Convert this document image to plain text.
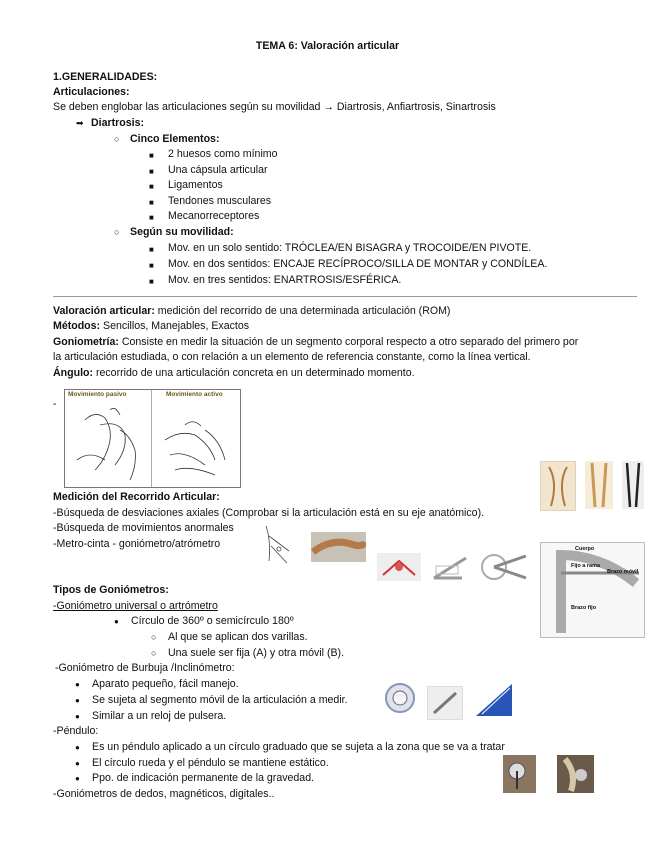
TEMA 6: Valoración articular
1.GENERALIDADES:
Articulaciones:
Se deben englobar las articulaciones según su movilidad → Diartrosis, Anfiartrosis, Sinartrosis
➡ Diartrosis:
○ Cinco Elementos:
■ 2 huesos como mínimo
■ Una cápsula articular
■ Ligamentos
■ Tendones musculares
■ Mecanorreceptores
○ Según su movilidad:
■ Mov. en un solo sentido: TRÓCLEA/EN BISAGRA y TROCOIDE/EN PIVOTE.
■ Mov. en dos sentidos: ENCAJE RECÍPROCO/SILLA DE MONTAR y CONDÍLEA.
■ Mov. en tres sentidos: ENARTROSIS/ESFÉRICA.
Valoración articular: medición del recorrido de una determinada articulación (ROM)
Métodos: Sencillos, Manejables, Exactos
Goniometría: Consiste en medir la situación de un segmento corporal respecto a otro separado del primero por
la articulación estudiada, o con relación a un elemento de referencia constante, como la línea vertical.
Ángulo: recorrido de una articulación concreta en un determinado momento.
-
Movimiento pasivo	Movimiento activo
Medición del Recorrido Articular:
-Búsqueda de desviaciones axiales (Comprobar si la articulación está en su eje anatómico).
-Búsqueda de movimientos anormales
-Metro-cinta - goniómetro/atrómetro	Cuerpo
Fijo a rama
Brazo móvil
Brazo fijo
Tipos de Goniómetros:
-Goniómetro universal o artrómetro
● Círculo de 360º o semicírculo 180º
○ Al que se aplican dos varillas.
○ Una suele ser fija (A) y otra móvil (B).
-Goniómetro de Burbuja /Inclinómetro:
● Aparato pequeño, fácil manejo.
● Se sujeta al segmento móvil de la articulación a medir.
● Similar a un reloj de pulsera.
-Péndulo:
● Es un péndulo aplicado a un círculo graduado que se sujeta a la zona que se va a tratar
● El círculo rueda y el péndulo se mantiene estático.
● Ppo. de indicación permanente de la gravedad.
-Goniómetros de dedos, magnéticos, digitales..
